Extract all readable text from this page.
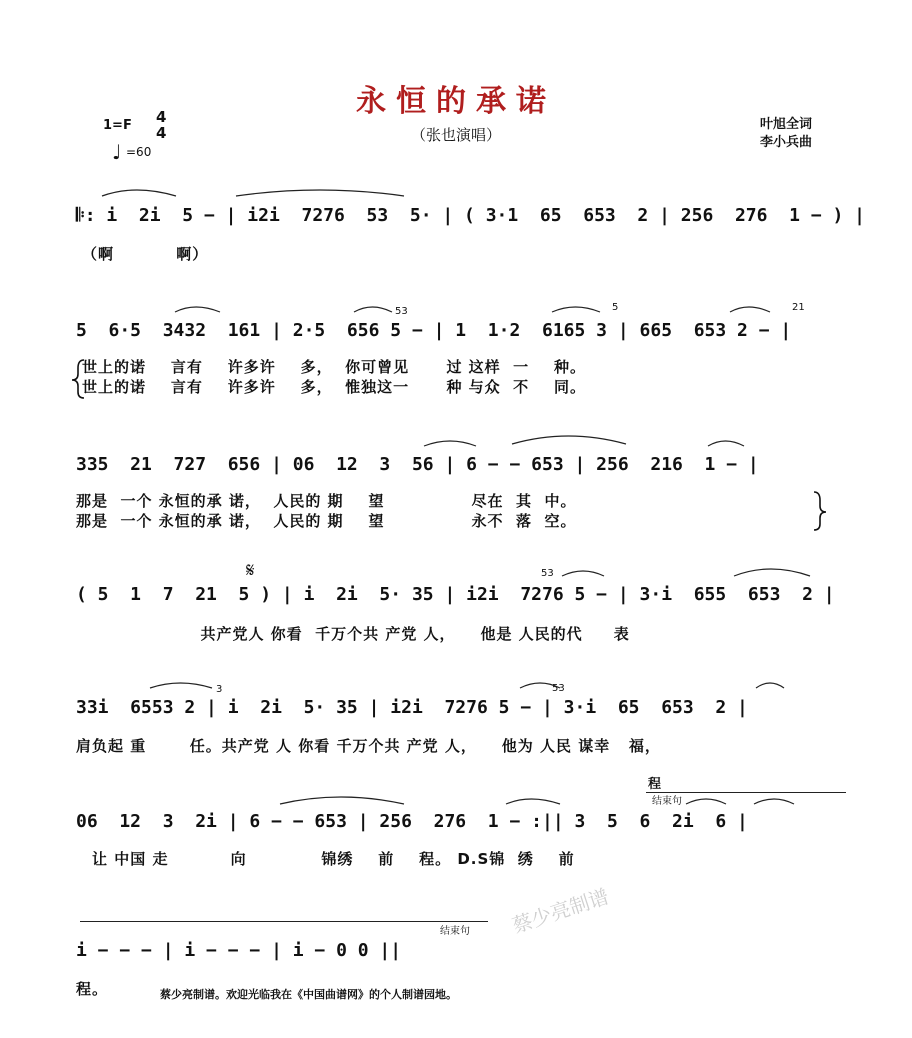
永恒的承诺
（张也演唱）
1=F 4
4
♩ =60
叶旭全词
李小兵曲
𝄆: i  2i  5 − | i2i  7276  53  5· | ( 3·1  65  653  2 | 256  276  1 − ) |
（啊          啊）
5  6·5  3432  161 | 2·5  656 5 − | 1  1·2  6165 3 | 665  653 2 − |
世上的诺    言有    许多许    多，  你可曾见      过 这样  一    种。
世上的诺    言有    许多许    多，  惟独这一      种 与众  不    同。
53	5	21
335  21  727  656 | 06  12  3  56 | 6 − − 653 | 256  216  1 − |
那是  一个 永恒的承 诺，  人民的 期    望              尽在  其  中。
那是  一个 永恒的承 诺，  人民的 期    望              永不  落  空。
𝄋
( 5  1  7  21  5 ) | i  2i  5· 35 | i2i  7276 5 − | 3·i  655  653  2 |
共产党人 你看  千万个共 产党 人，    他是 人民的代     表
53
33i  6553 2 | i  2i  5· 35 | i2i  7276 5 − | 3·i  65  653  2 |
肩负起 重       任。共产党 人 你看 千万个共 产党 人，    他为 人民 谋幸   福，
3	53
程
结束句
06  12  3  2i | 6 − − 653 | 256  276  1 − :|| 3  5  6  2i  6 |
让 中国 走          向            锦绣    前    程。 D.S锦  绣    前
结束句
i − − − | i − − − | i − 0 0 ||
程。
蔡少亮制谱
蔡少亮制谱。欢迎光临我在《中国曲谱网》的个人制谱园地。
